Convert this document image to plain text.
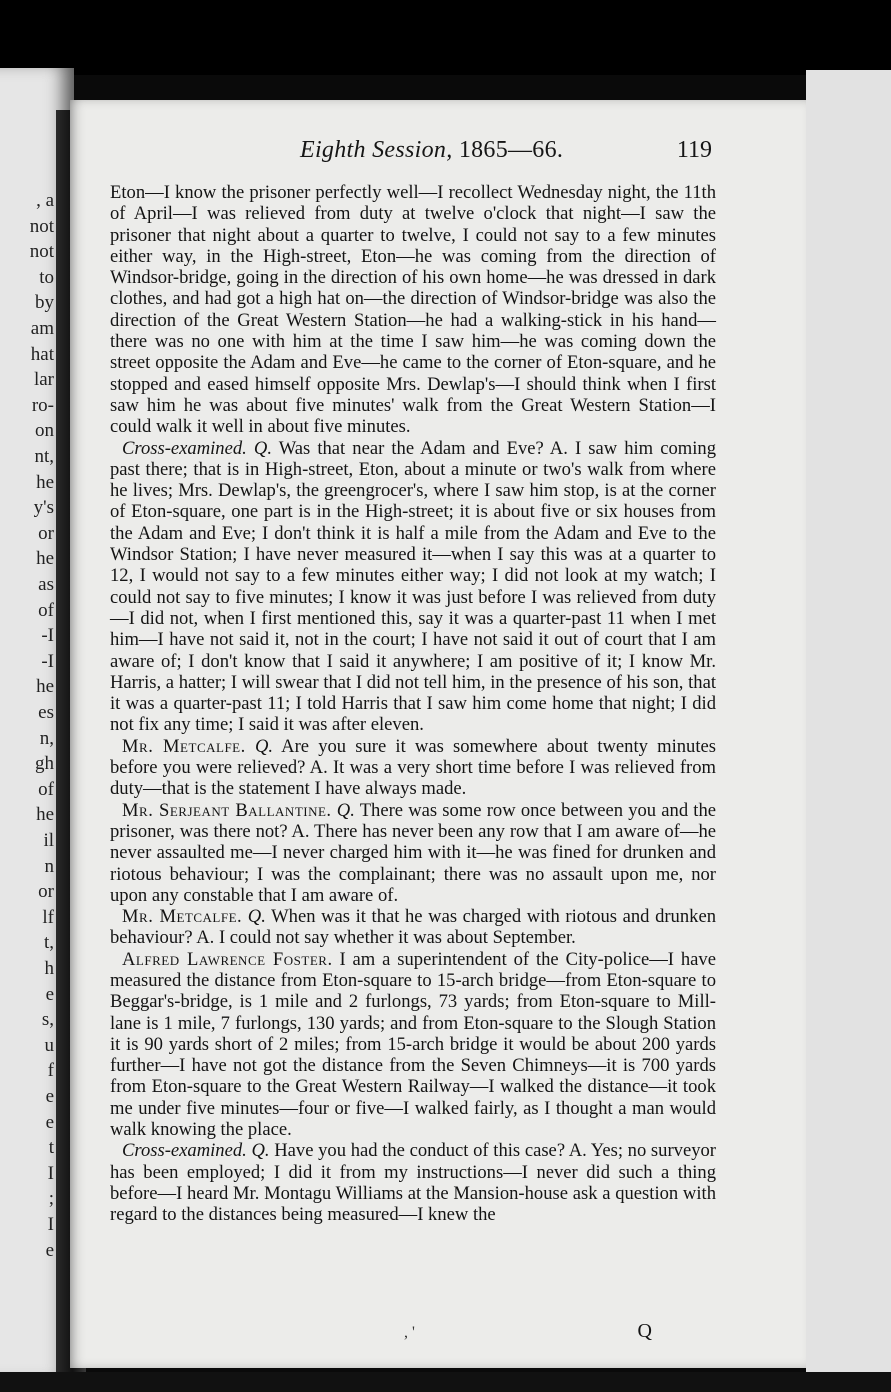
, a
not
not
to
by
am
hat
lar
ro-
on
nt,
he
y's
or
he
as
of
-I
-I
he
es
n,
gh
of
he
il
n
or
lf
t,
h
e
s,
u
f
e
e
t
I
;
I
e
Eighth Session, 1865—66.	119

Eton—I know the prisoner perfectly well—I recollect Wednesday night, the 11th of April—I was relieved from duty at twelve o'clock that night—I saw the prisoner that night about a quarter to twelve, I could not say to a few minutes either way, in the High-street, Eton—he was coming from the direction of Windsor-bridge, going in the direction of his own home—he was dressed in dark clothes, and had got a high hat on—the direction of Windsor-bridge was also the direction of the Great Western Station—he had a walking-stick in his hand—there was no one with him at the time I saw him—he was coming down the street opposite the Adam and Eve—he came to the corner of Eton-square, and he stopped and eased himself opposite Mrs. Dewlap's—I should think when I first saw him he was about five minutes' walk from the Great Western Station—I could walk it well in about five minutes.

Cross-examined. Q. Was that near the Adam and Eve? A. I saw him coming past there; that is in High-street, Eton, about a minute or two's walk from where he lives; Mrs. Dewlap's, the greengrocer's, where I saw him stop, is at the corner of Eton-square, one part is in the High-street; it is about five or six houses from the Adam and Eve; I don't think it is half a mile from the Adam and Eve to the Windsor Station; I have never measured it—when I say this was at a quarter to 12, I would not say to a few minutes either way; I did not look at my watch; I could not say to five minutes; I know it was just before I was relieved from duty—I did not, when I first mentioned this, say it was a quarter-past 11 when I met him—I have not said it, not in the court; I have not said it out of court that I am aware of; I don't know that I said it anywhere; I am positive of it; I know Mr. Harris, a hatter; I will swear that I did not tell him, in the presence of his son, that it was a quarter-past 11; I told Harris that I saw him come home that night; I did not fix any time; I said it was after eleven.

Mr. Metcalfe. Q. Are you sure it was somewhere about twenty minutes before you were relieved? A. It was a very short time before I was relieved from duty—that is the statement I have always made.

Mr. Serjeant Ballantine. Q. There was some row once between you and the prisoner, was there not? A. There has never been any row that I am aware of—he never assaulted me—I never charged him with it—he was fined for drunken and riotous behaviour; I was the complainant; there was no assault upon me, nor upon any constable that I am aware of.

Mr. Metcalfe. Q. When was it that he was charged with riotous and drunken behaviour? A. I could not say whether it was about September.

Alfred Lawrence Foster. I am a superintendent of the City-police—I have measured the distance from Eton-square to 15-arch bridge—from Eton-square to Beggar's-bridge, is 1 mile and 2 furlongs, 73 yards; from Eton-square to Mill-lane is 1 mile, 7 furlongs, 130 yards; and from Eton-square to the Slough Station it is 90 yards short of 2 miles; from 15-arch bridge it would be about 200 yards further—I have not got the distance from the Seven Chimneys—it is 700 yards from Eton-square to the Great Western Railway—I walked the distance—it took me under five minutes—four or five—I walked fairly, as I thought a man would walk knowing the place.

Cross-examined. Q. Have you had the conduct of this case? A. Yes; no surveyor has been employed; I did it from my instructions—I never did such a thing before—I heard Mr. Montagu Williams at the Mansion-house ask a question with regard to the distances being measured—I knew the

, '	Q
